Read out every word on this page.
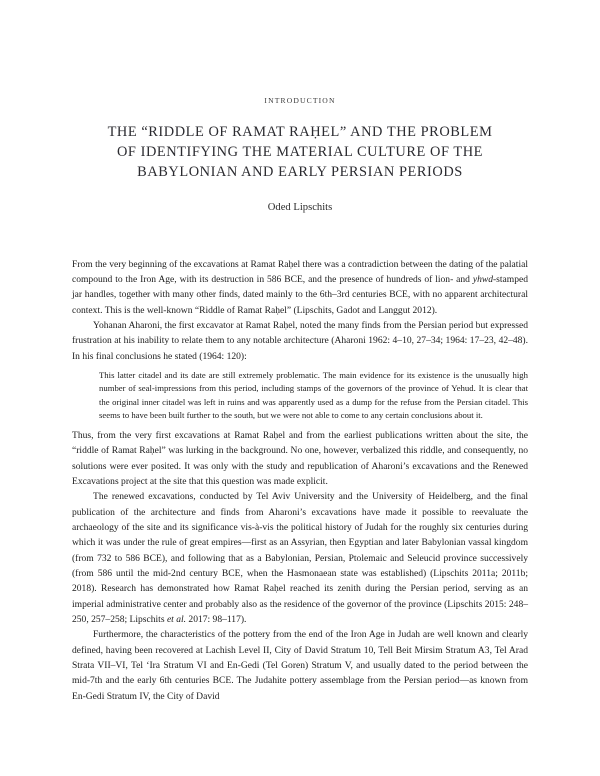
INTRODUCTION
THE “RIDDLE OF RAMAT RAḤEL” AND THE PROBLEM
OF IDENTIFYING THE MATERIAL CULTURE OF THE
BABYLONIAN AND EARLY PERSIAN PERIODS
Oded Lipschits

From the very beginning of the excavations at Ramat Raḥel there was a contradiction between the dating of the palatial compound to the Iron Age, with its destruction in 586 BCE, and the presence of hundreds of lion- and yhwd-stamped jar handles, together with many other finds, dated mainly to the 6th–3rd centuries BCE, with no apparent architectural context. This is the well-known “Riddle of Ramat Raḥel” (Lipschits, Gadot and Langgut 2012).

Yohanan Aharoni, the first excavator at Ramat Raḥel, noted the many finds from the Persian period but expressed frustration at his inability to relate them to any notable architecture (Aharoni 1962: 4–10, 27–34; 1964: 17–23, 42–48). In his final conclusions he stated (1964: 120):

This latter citadel and its date are still extremely problematic. The main evidence for its existence is the unusually high number of seal-impressions from this period, including stamps of the governors of the province of Yehud. It is clear that the original inner citadel was left in ruins and was apparently used as a dump for the refuse from the Persian citadel. This seems to have been built further to the south, but we were not able to come to any certain conclusions about it.

Thus, from the very first excavations at Ramat Raḥel and from the earliest publications written about the site, the “riddle of Ramat Raḥel” was lurking in the background. No one, however, verbalized this riddle, and consequently, no solutions were ever posited. It was only with the study and republication of Aharoni’s excavations and the Renewed Excavations project at the site that this question was made explicit.

The renewed excavations, conducted by Tel Aviv University and the University of Heidelberg, and the final publication of the architecture and finds from Aharoni’s excavations have made it possible to reevaluate the archaeology of the site and its significance vis-à-vis the political history of Judah for the roughly six centuries during which it was under the rule of great empires—first as an Assyrian, then Egyptian and later Babylonian vassal kingdom (from 732 to 586 BCE), and following that as a Babylonian, Persian, Ptolemaic and Seleucid province successively (from 586 until the mid-2nd century BCE, when the Hasmonaean state was established) (Lipschits 2011a; 2011b; 2018). Research has demonstrated how Ramat Raḥel reached its zenith during the Persian period, serving as an imperial administrative center and probably also as the residence of the governor of the province (Lipschits 2015: 248–250, 257–258; Lipschits et al. 2017: 98–117).

Furthermore, the characteristics of the pottery from the end of the Iron Age in Judah are well known and clearly defined, having been recovered at Lachish Level II, City of David Stratum 10, Tell Beit Mirsim Stratum A3, Tel Arad Strata VII–VI, Tel ‘Ira Stratum VI and En-Gedi (Tel Goren) Stratum V, and usually dated to the period between the mid-7th and the early 6th centuries BCE. The Judahite pottery assemblage from the Persian period—as known from En-Gedi Stratum IV, the City of David
